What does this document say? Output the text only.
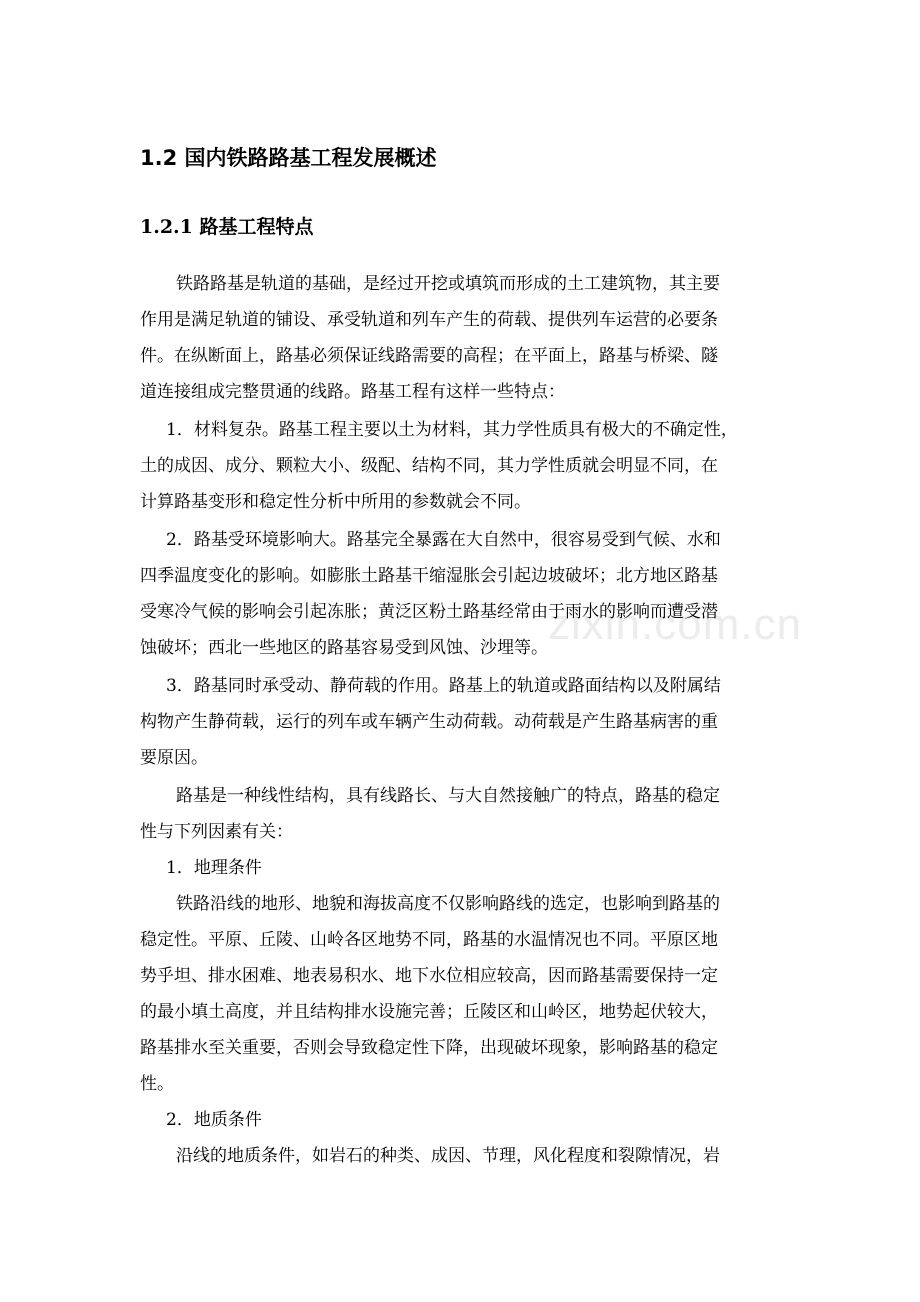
zixin.com.cn
1.2 国内铁路路基工程发展概述
1.2.1 路基工程特点
铁路路基是轨道的基础，是经过开挖或填筑而形成的土工建筑物，其主要
作用是满足轨道的铺设、承受轨道和列车产生的荷载、提供列车运营的必要条
件。在纵断面上，路基必须保证线路需要的高程；在平面上，路基与桥梁、隧
道连接组成完整贯通的线路。路基工程有这样一些特点：
1．材料复杂。路基工程主要以土为材料，其力学性质具有极大的不确定性，
土的成因、成分、颗粒大小、级配、结构不同，其力学性质就会明显不同，在
计算路基变形和稳定性分析中所用的参数就会不同。
2．路基受环境影响大。路基完全暴露在大自然中，很容易受到气候、水和
四季温度变化的影响。如膨胀土路基干缩湿胀会引起边坡破坏；北方地区路基
受寒冷气候的影响会引起冻胀；黄泛区粉土路基经常由于雨水的影响而遭受潜
蚀破坏；西北一些地区的路基容易受到风蚀、沙埋等。
3．路基同时承受动、静荷载的作用。路基上的轨道或路面结构以及附属结
构物产生静荷载，运行的列车或车辆产生动荷载。动荷载是产生路基病害的重
要原因。
路基是一种线性结构，具有线路长、与大自然接触广的特点，路基的稳定
性与下列因素有关：
1．地理条件
铁路沿线的地形、地貌和海拔高度不仅影响路线的选定，也影响到路基的
稳定性。平原、丘陵、山岭各区地势不同，路基的水温情况也不同。平原区地
势乎坦、排水困难、地表易积水、地下水位相应较高，因而路基需要保持一定
的最小填土高度，并且结构排水设施完善；丘陵区和山岭区，地势起伏较大，
路基排水至关重要，否则会导致稳定性下降，出现破坏现象，影响路基的稳定
性。
2．地质条件
沿线的地质条件，如岩石的种类、成因、节理，风化程度和裂隙情况，岩
